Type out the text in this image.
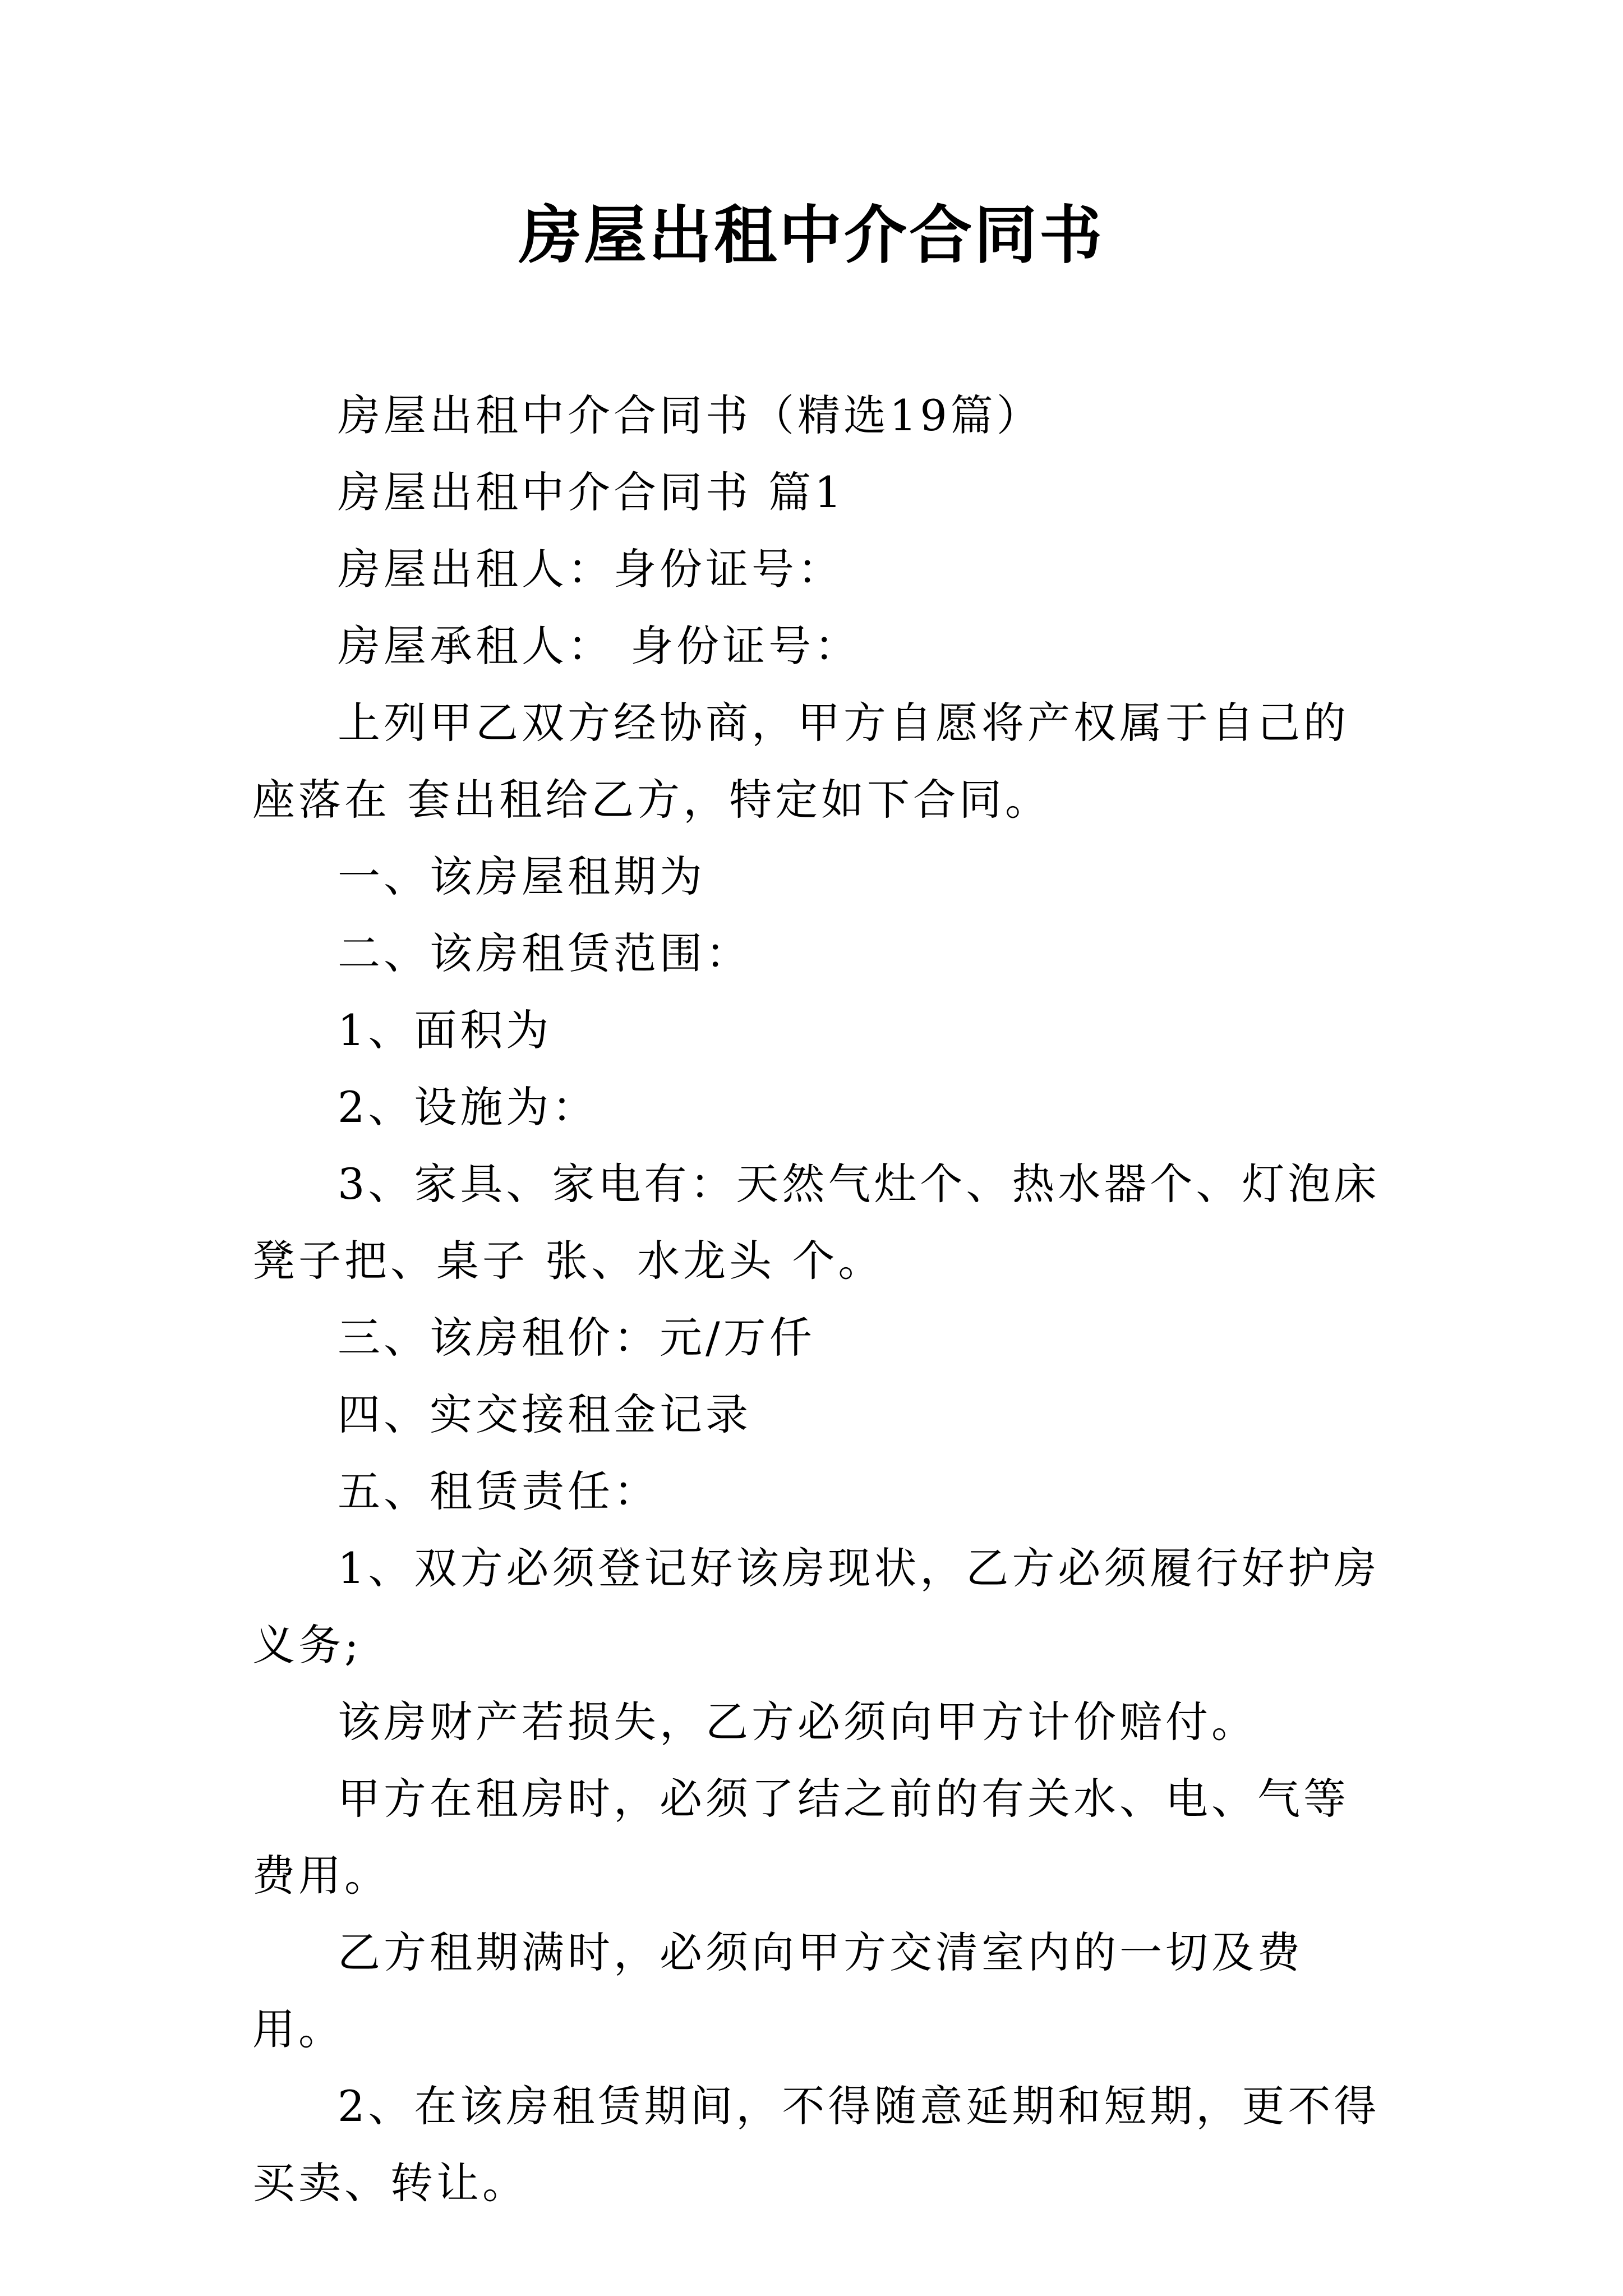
房屋出租中介合同书

房屋出租中介合同书（精选19篇）

房屋出租中介合同书 篇1

房屋出租人：身份证号：

房屋承租人： 身份证号：

上列甲乙双方经协商，甲方自愿将产权属于自己的座落在 套出租给乙方，特定如下合同。

一、该房屋租期为

二、该房租赁范围：

1、面积为

2、设施为：

3、家具、家电有：天然气灶个、热水器个、灯泡床凳子把、桌子 张、水龙头 个。

三、该房租价：元/万仟

四、实交接租金记录

五、租赁责任：

1、双方必须登记好该房现状，乙方必须履行好护房义务;

该房财产若损失，乙方必须向甲方计价赔付。

甲方在租房时，必须了结之前的有关水、电、气等费用。

乙方租期满时，必须向甲方交清室内的一切及费用。

2、在该房租赁期间，不得随意延期和短期，更不得买卖、转让。
